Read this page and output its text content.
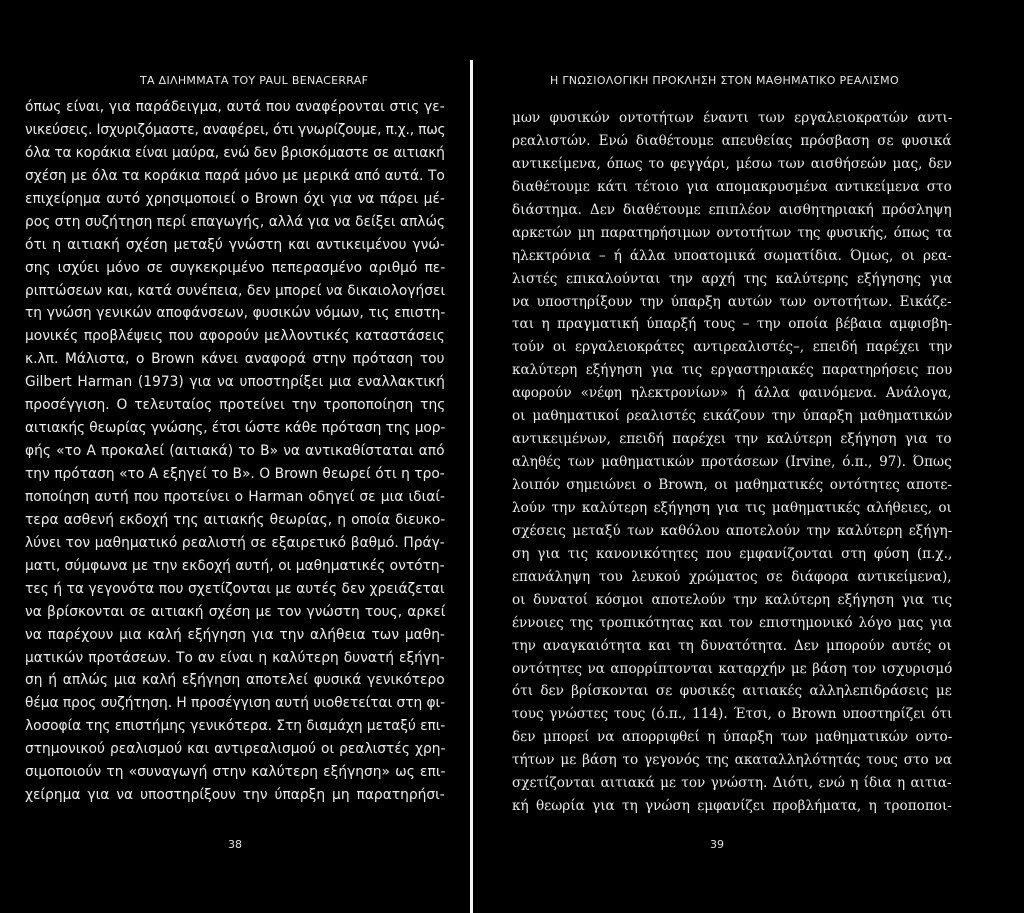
ΤΑ ΔΙΛΗΜΜΑΤΑ ΤΟΥ PAUL BENACERRAF
όπως είναι, για παράδειγμα, αυτά που αναφέρονται στις γε-
νικεύσεις. Ισχυριζόμαστε, αναφέρει, ότι γνωρίζουμε, π.χ., πως
όλα τα κοράκια είναι μαύρα, ενώ δεν βρισκόμαστε σε αιτιακή
σχέση με όλα τα κοράκια παρά μόνο με μερικά από αυτά. Το
επιχείρημα αυτό χρησιμοποιεί ο Brown όχι για να πάρει μέ-
ρος στη συζήτηση περί επαγωγής, αλλά για να δείξει απλώς
ότι η αιτιακή σχέση μεταξύ γνώστη και αντικειμένου γνώ-
σης ισχύει μόνο σε συγκεκριμένο πεπερασμένο αριθμό πε-
ριπτώσεων και, κατά συνέπεια, δεν μπορεί να δικαιολογήσει
τη γνώση γενικών αποφάνσεων, φυσικών νόμων, τις επιστη-
μονικές προβλέψεις που αφορούν μελλοντικές καταστάσεις
κ.λπ. Μάλιστα, ο Brown κάνει αναφορά στην πρόταση του
Gilbert Harman (1973) για να υποστηρίξει μια εναλλακτική
προσέγγιση. Ο τελευταίος προτείνει την τροποποίηση της
αιτιακής θεωρίας γνώσης, έτσι ώστε κάθε πρόταση της μορ-
φής «το Α προκαλεί (αιτιακά) το Β» να αντικαθίσταται από
την πρόταση «το Α εξηγεί το Β». Ο Brown θεωρεί ότι η τρο-
ποποίηση αυτή που προτείνει ο Harman οδηγεί σε μια ιδιαί-
τερα ασθενή εκδοχή της αιτιακής θεωρίας, η οποία διευκο-
λύνει τον μαθηματικό ρεαλιστή σε εξαιρετικό βαθμό. Πράγ-
ματι, σύμφωνα με την εκδοχή αυτή, οι μαθηματικές οντότη-
τες ή τα γεγονότα που σχετίζονται με αυτές δεν χρειάζεται
να βρίσκονται σε αιτιακή σχέση με τον γνώστη τους, αρκεί
να παρέχουν μια καλή εξήγηση για την αλήθεια των μαθη-
ματικών προτάσεων. Το αν είναι η καλύτερη δυνατή εξήγη-
ση ή απλώς μια καλή εξήγηση αποτελεί φυσικά γενικότερο
θέμα προς συζήτηση. Η προσέγγιση αυτή υιοθετείται στη φι-
λοσοφία της επιστήμης γενικότερα. Στη διαμάχη μεταξύ επι-
στημονικού ρεαλισμού και αντιρεαλισμού οι ρεαλιστές χρη-
σιμοποιούν τη «συναγωγή στην καλύτερη εξήγηση» ως επι-
χείρημα για να υποστηρίξουν την ύπαρξη μη παρατηρήσι-
38
Η ΓΝΩΣΙΟΛΟΓΙΚΗ ΠΡΟΚΛΗΣΗ ΣΤΟΝ ΜΑΘΗΜΑΤΙΚΟ ΡΕΑΛΙΣΜΟ
μων φυσικών οντοτήτων έναντι των εργαλειοκρατών αντι-
ρεαλιστών. Ενώ διαθέτουμε απευθείας πρόσβαση σε φυσικά
αντικείμενα, όπως το φεγγάρι, μέσω των αισθήσεών μας, δεν
διαθέτουμε κάτι τέτοιο για απομακρυσμένα αντικείμενα στο
διάστημα. Δεν διαθέτουμε επιπλέον αισθητηριακή πρόσληψη
αρκετών μη παρατηρήσιμων οντοτήτων της φυσικής, όπως τα
ηλεκτρόνια – ή άλλα υποατομικά σωματίδια. Όμως, οι ρεα-
λιστές επικαλούνται την αρχή της καλύτερης εξήγησης για
να υποστηρίξουν την ύπαρξη αυτών των οντοτήτων. Εικάζε-
ται η πραγματική ύπαρξή τους – την οποία βέβαια αμφισβη-
τούν οι εργαλειοκράτες αντιρεαλιστές–, επειδή παρέχει την
καλύτερη εξήγηση για τις εργαστηριακές παρατηρήσεις που
αφορούν «νέφη ηλεκτρονίων» ή άλλα φαινόμενα. Ανάλογα,
οι μαθηματικοί ρεαλιστές εικάζουν την ύπαρξη μαθηματικών
αντικειμένων, επειδή παρέχει την καλύτερη εξήγηση για το
αληθές των μαθηματικών προτάσεων (Irvine, ό.π., 97). Όπως
λοιπόν σημειώνει ο Brown, οι μαθηματικές οντότητες αποτε-
λούν την καλύτερη εξήγηση για τις μαθηματικές αλήθειες, οι
σχέσεις μεταξύ των καθόλου αποτελούν την καλύτερη εξήγη-
ση για τις κανονικότητες που εμφανίζονται στη φύση (π.χ.,
επανάληψη του λευκού χρώματος σε διάφορα αντικείμενα),
οι δυνατοί κόσμοι αποτελούν την καλύτερη εξήγηση για τις
έννοιες της τροπικότητας και τον επιστημονικό λόγο μας για
την αναγκαιότητα και τη δυνατότητα. Δεν μπορούν αυτές οι
οντότητες να απορρίπτονται καταρχήν με βάση τον ισχυρισμό
ότι δεν βρίσκονται σε φυσικές αιτιακές αλληλεπιδράσεις με
τους γνώστες τους (ό.π., 114). Έτσι, ο Brown υποστηρίζει ότι
δεν μπορεί να απορριφθεί η ύπαρξη των μαθηματικών οντο-
τήτων με βάση το γεγονός της ακαταλληλότητάς τους στο να
σχετίζονται αιτιακά με τον γνώστη. Διότι, ενώ η ίδια η αιτια-
κή θεωρία για τη γνώση εμφανίζει προβλήματα, η τροποποι-
39
